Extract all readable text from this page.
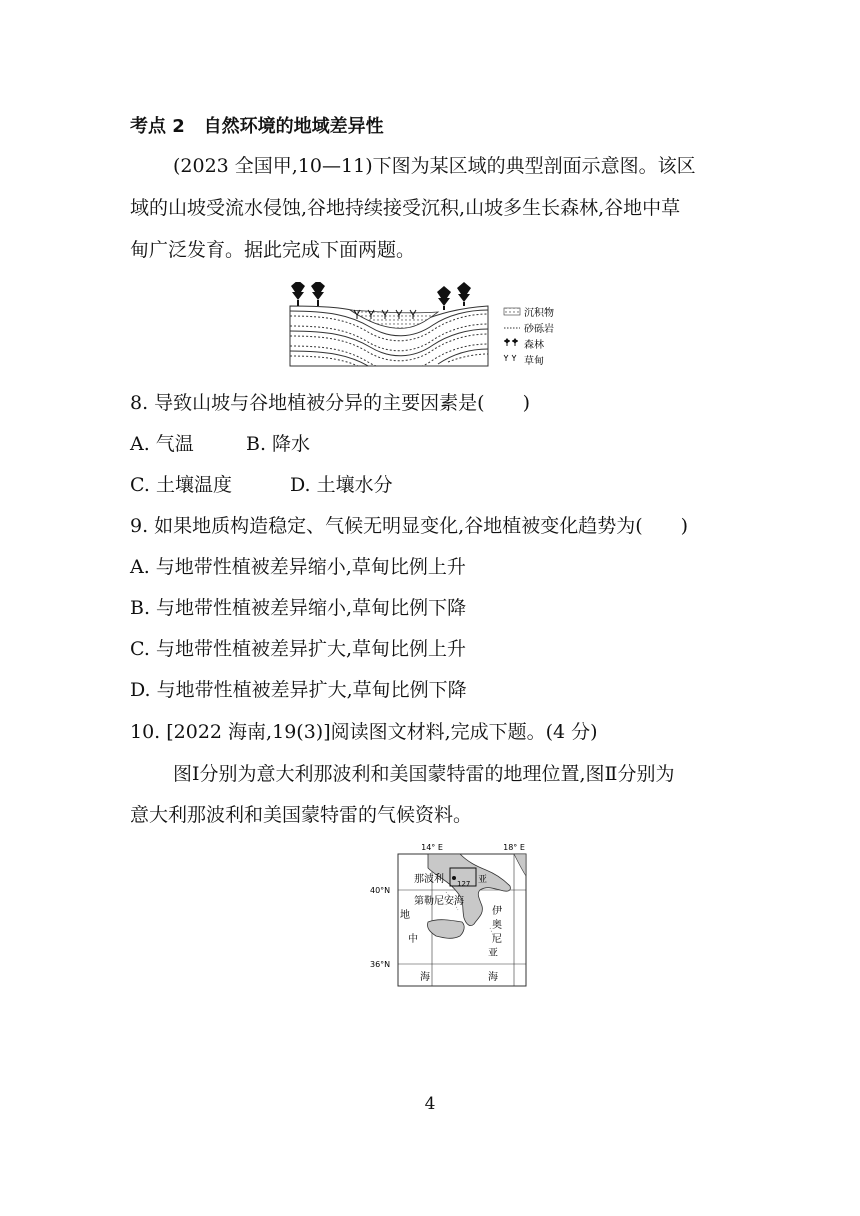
考点 2 自然环境的地域差异性
(2023 全国甲,10—11)下图为某区域的典型剖面示意图。该区
域的山坡受流水侵蚀,谷地持续接受沉积,山坡多生长森林,谷地中草
甸广泛发育。据此完成下面两题。
沉积物
砂砾岩
森林
草甸
8. 导致山坡与谷地植被分异的主要因素是(　　)
A. 气温	B. 降水
C. 土壤温度	D. 土壤水分
9. 如果地质构造稳定、气候无明显变化,谷地植被变化趋势为(　　)
A. 与地带性植被差异缩小,草甸比例上升
B. 与地带性植被差异缩小,草甸比例下降
C. 与地带性植被差异扩大,草甸比例上升
D. 与地带性植被差异扩大,草甸比例下降
10. [2022 海南,19(3)]阅读图文材料,完成下题。(4 分)
图Ⅰ分别为意大利那波利和美国蒙特雷的地理位置,图Ⅱ分别为
意大利那波利和美国蒙特雷的气候资料。
14° E	18° E
40°N
36°N
那波利 127 亚
第勒尼安海
地
中
海
伊
奥
尼
亚
海
4
